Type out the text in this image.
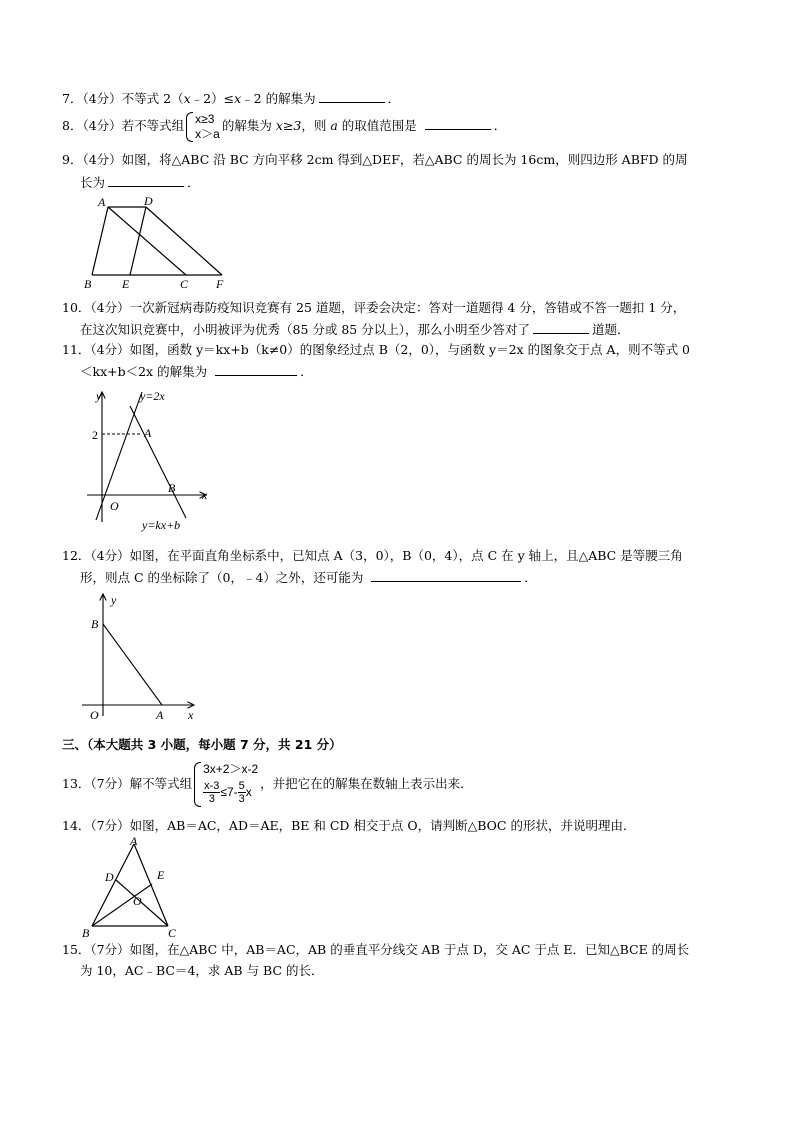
7．（4分）不等式 2（x﹣2）≤x﹣2 的解集为	．
8．（4分）若不等式组 x≥3
x＞a
的解集为 x≥3，则 a 的取值范围是	．
9．（4分）如图，将△ABC 沿 BC 方向平移 2cm 得到△DEF，若△ABC 的周长为 16cm，则四边形 ABFD 的周
长为	．
A	D
B	E	C F
10．（4分）一次新冠病毒防疫知识竞赛有 25 道题，评委会决定：答对一道题得 4 分，答错或不答一题扣 1 分，
在这次知识竞赛中，小明被评为优秀（85 分或 85 分以上），那么小明至少答对了	道题．
11．（4分）如图，函数 y＝kx+b（k≠0）的图象经过点 B（2，0），与函数 y＝2x 的图象交于点 A，则不等式 0
＜kx+b＜2x 的解集为	．
y	y=2x
2	A
B
O
x
y=kx+b
12．（4分）如图，在平面直角坐标系中，已知点 A（3，0），B（0，4），点 C 在 y 轴上，且△ABC 是等腰三角
形，则点 C 的坐标除了（0，﹣4）之外，还可能为	．
y
B
O	A x
三、（本大题共 3 小题，每小题 7 分，共 21 分）
13．（7分）解不等式组
3x+2＞x-2
$\frac{x-3}{3} \le 7- \frac{5}{3}$ x
，并把它在的解集在数轴上表示出来．
14．（7分）如图，AB＝AC，AD＝AE，BE 和 CD 相交于点 O，请判断△BOC 的形状，并说明理由．
A
D	E
O
B	C
15．（7分）如图，在△ABC 中，AB＝AC，AB 的垂直平分线交 AB 于点 D，交 AC 于点 E．已知△BCE 的周长
为 10，AC﹣BC＝4，求 AB 与 BC 的长．
